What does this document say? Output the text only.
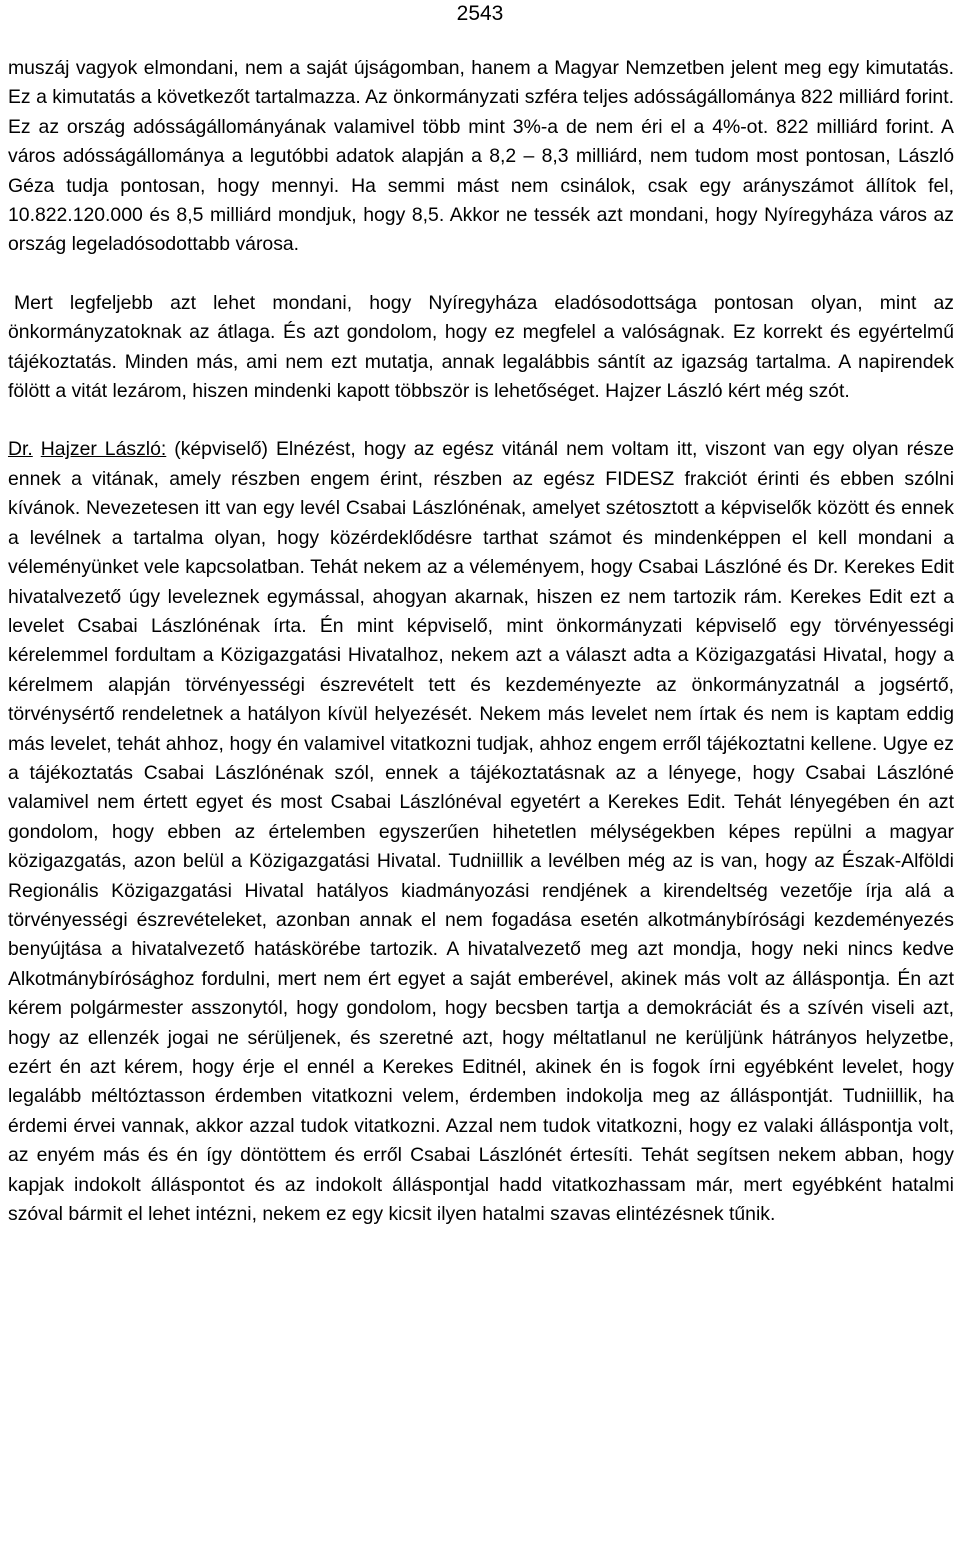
2543

muszáj vagyok elmondani, nem a saját újságomban, hanem a Magyar Nemzetben jelent meg egy kimutatás. Ez a kimutatás a következőt tartalmazza. Az önkormányzati szféra teljes adósságállománya 822 milliárd forint. Ez az ország adósságállományának valamivel több mint 3%-a de nem éri el a 4%-ot. 822 milliárd forint. A város adósságállománya a legutóbbi adatok alapján a 8,2 – 8,3 milliárd, nem tudom most pontosan, László Géza tudja pontosan, hogy mennyi. Ha semmi mást nem csinálok, csak egy arányszámot állítok fel, 10.822.120.000 és 8,5 milliárd mondjuk, hogy 8,5. Akkor ne tessék azt mondani, hogy Nyíregyháza város az ország legeladósodottabb városa.

Mert legfeljebb azt lehet mondani, hogy Nyíregyháza eladósodottsága pontosan olyan, mint az önkormányzatoknak az átlaga. És azt gondolom, hogy ez megfelel a valóságnak. Ez korrekt és egyértelmű tájékoztatás. Minden más, ami nem ezt mutatja, annak legalábbis sántít az igazság tartalma. A napirendek fölött a vitát lezárom, hiszen mindenki kapott többször is lehetőséget. Hajzer László kért még szót.

Dr. Hajzer László: (képviselő) Elnézést, hogy az egész vitánál nem voltam itt, viszont van egy olyan része ennek a vitának, amely részben engem érint, részben az egész FIDESZ frakciót érinti és ebben szólni kívánok. Nevezetesen itt van egy levél Csabai Lászlónénak, amelyet szétosztott a képviselők között és ennek a levélnek a tartalma olyan, hogy közérdeklődésre tarthat számot és mindenképpen el kell mondani a véleményünket vele kapcsolatban. Tehát nekem az a véleményem, hogy Csabai Lászlóné és Dr. Kerekes Edit hivatalvezető úgy leveleznek egymással, ahogyan akarnak, hiszen ez nem tartozik rám. Kerekes Edit ezt a levelet Csabai Lászlónénak írta. Én mint képviselő, mint önkormányzati képviselő egy törvényességi kérelemmel fordultam a Közigazgatási Hivatalhoz, nekem azt a választ adta a Közigazgatási Hivatal, hogy a kérelmem alapján törvényességi észrevételt tett és kezdeményezte az önkormányzatnál a jogsértő, törvénysértő rendeletnek a hatályon kívül helyezését. Nekem más levelet nem írtak és nem is kaptam eddig más levelet, tehát ahhoz, hogy én valamivel vitatkozni tudjak, ahhoz engem erről tájékoztatni kellene. Ugye ez a tájékoztatás Csabai Lászlónénak szól, ennek a tájékoztatásnak az a lényege, hogy Csabai Lászlóné valamivel nem értett egyet és most Csabai Lászlónéval egyetért a Kerekes Edit. Tehát lényegében én azt gondolom, hogy ebben az értelemben egyszerűen hihetetlen mélységekben képes repülni a magyar közigazgatás, azon belül a Közigazgatási Hivatal. Tudniillik a levélben még az is van, hogy az Észak-Alföldi Regionális Közigazgatási Hivatal hatályos kiadmányozási rendjének a kirendeltség vezetője írja alá a törvényességi észrevételeket, azonban annak el nem fogadása esetén alkotmánybírósági kezdeményezés benyújtása a hivatalvezető hatáskörébe tartozik. A hivatalvezető meg azt mondja, hogy neki nincs kedve Alkotmánybírósághoz fordulni, mert nem ért egyet a saját emberével, akinek más volt az álláspontja. Én azt kérem polgármester asszonytól, hogy gondolom, hogy becsben tartja a demokráciát és a szívén viseli azt, hogy az ellenzék jogai ne sérüljenek, és szeretné azt, hogy méltatlanul ne kerüljünk hátrányos helyzetbe, ezért én azt kérem, hogy érje el ennél a Kerekes Editnél, akinek én is fogok írni egyébként levelet, hogy legalább méltóztasson érdemben vitatkozni velem, érdemben indokolja meg az álláspontját. Tudniillik, ha érdemi érvei vannak, akkor azzal tudok vitatkozni. Azzal nem tudok vitatkozni, hogy ez valaki álláspontja volt, az enyém más és én így döntöttem és erről Csabai Lászlónét értesíti. Tehát segítsen nekem abban, hogy kapjak indokolt álláspontot és az indokolt álláspontjal hadd vitatkozhassam már, mert egyébként hatalmi szóval bármit el lehet intézni, nekem ez egy kicsit ilyen hatalmi szavas elintézésnek tűnik.
